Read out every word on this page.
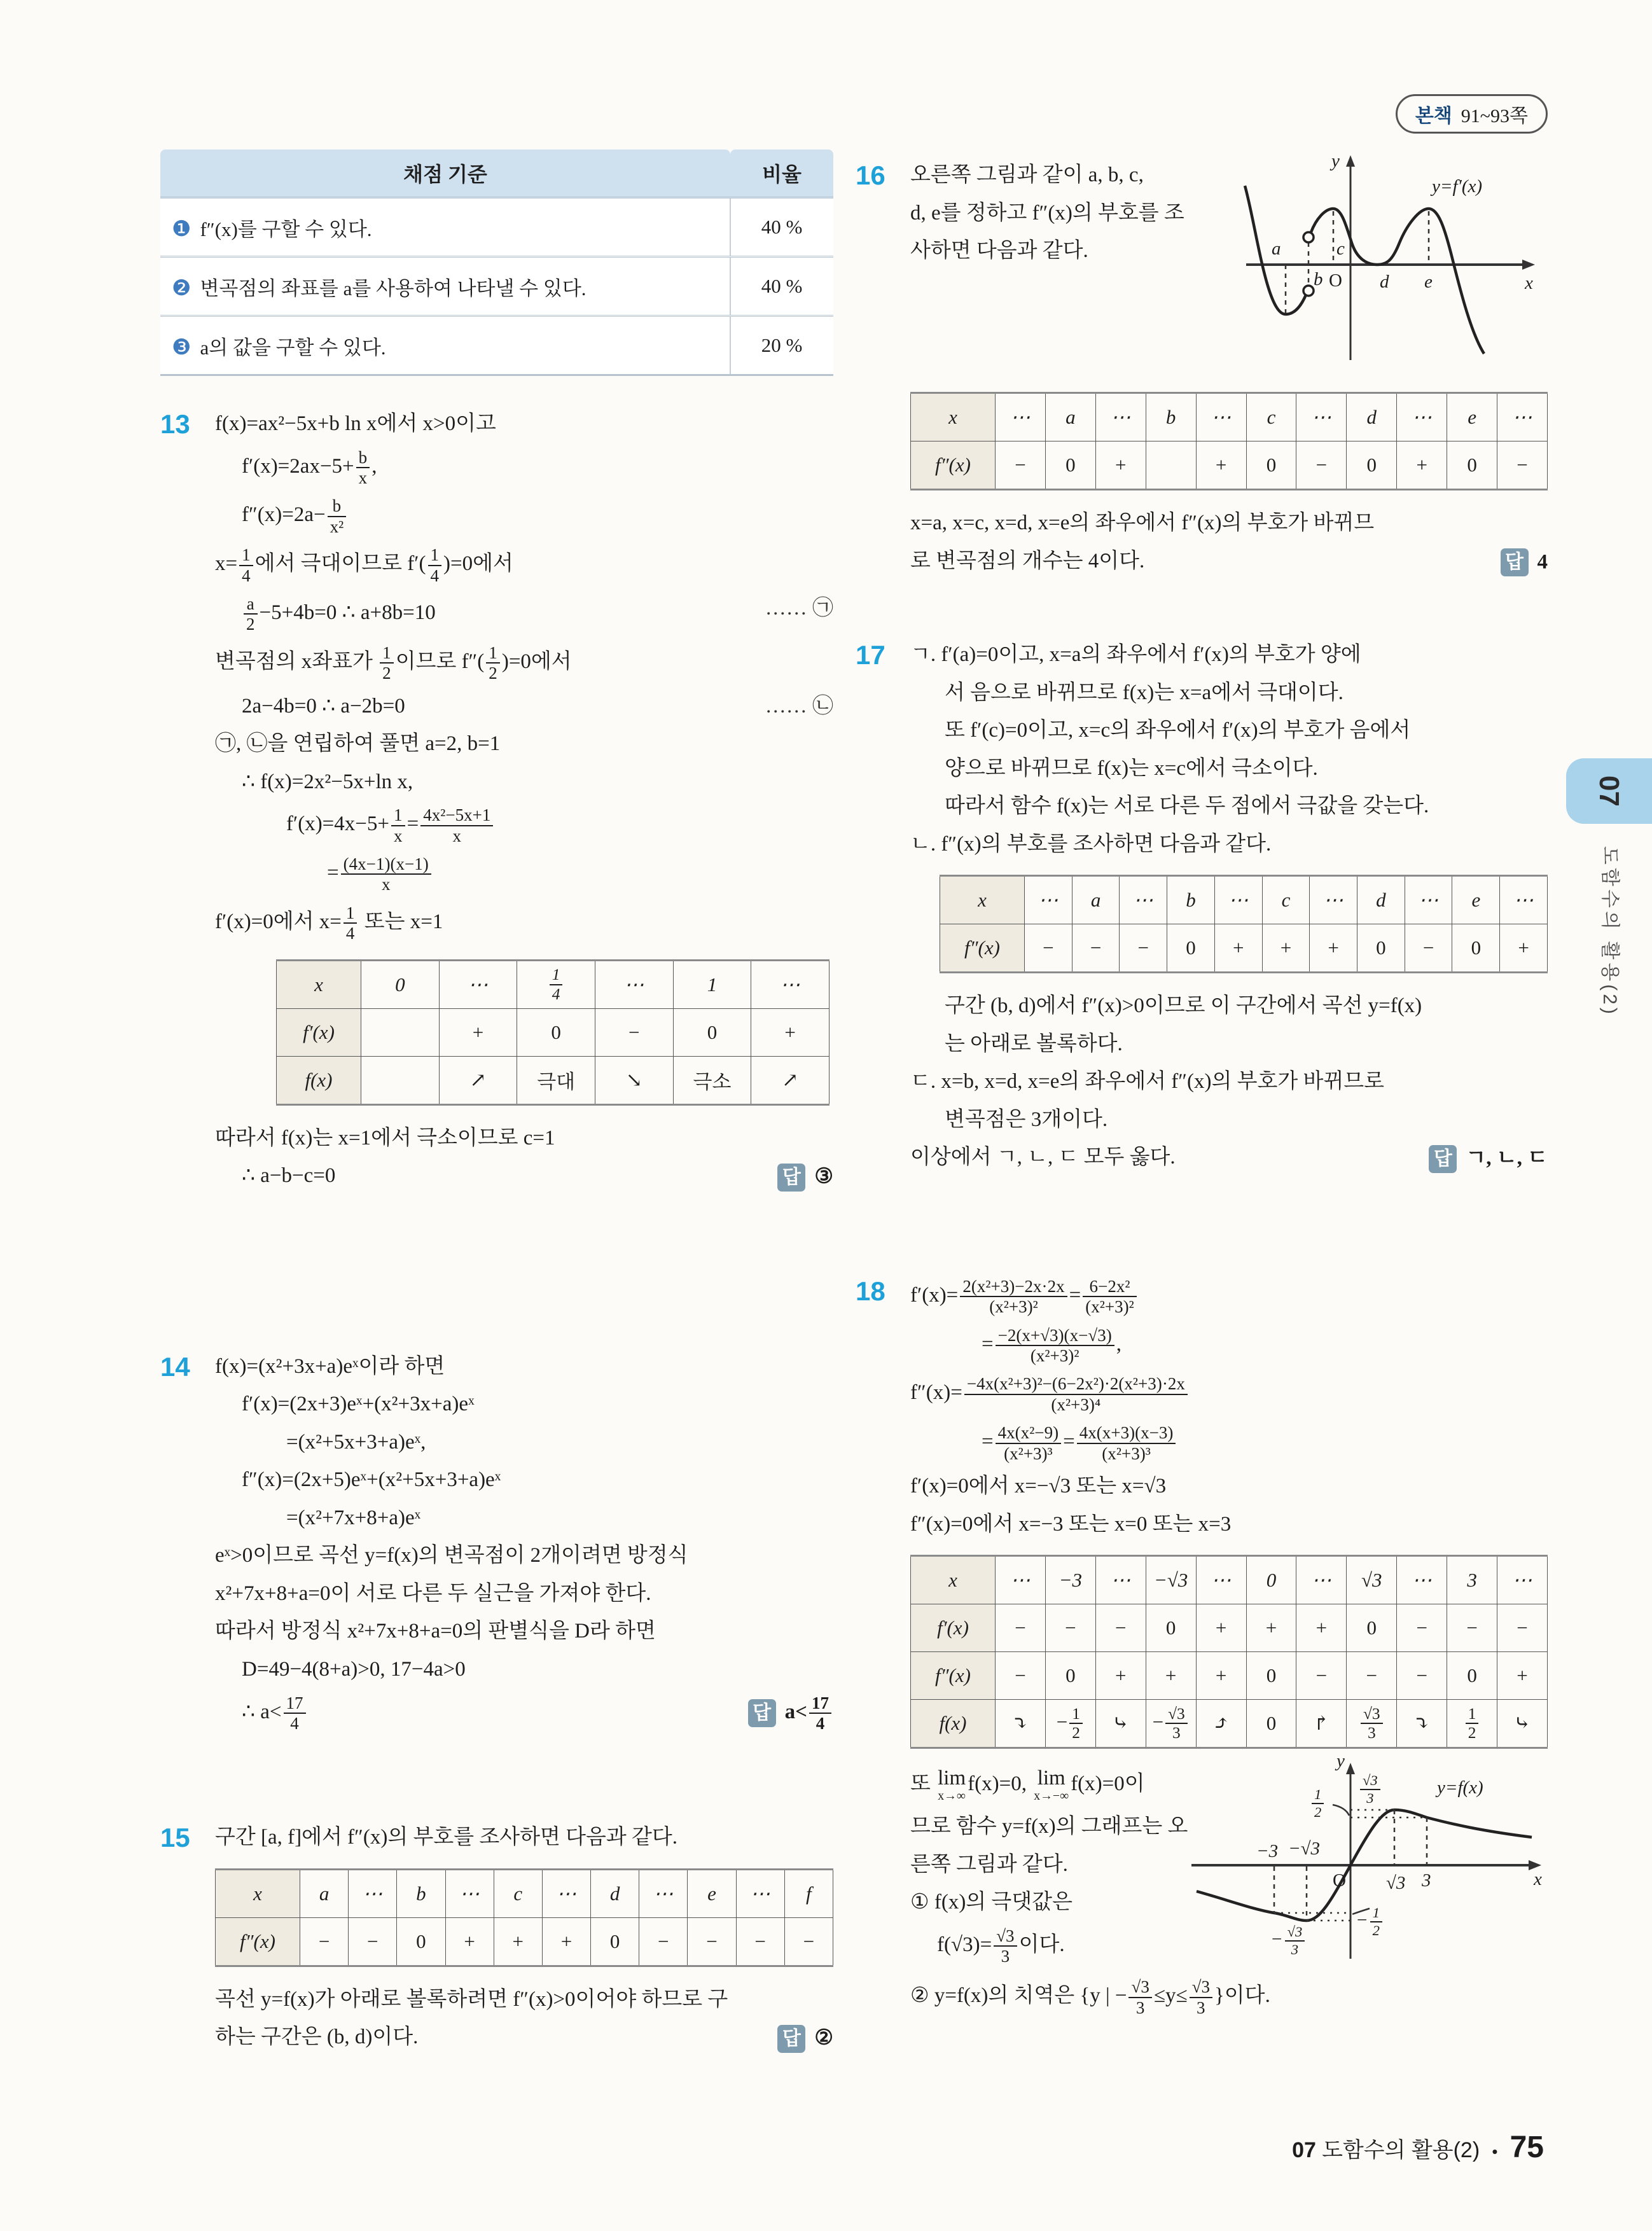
채점 기준	비율
❶ f″(x)를 구할 수 있다.	40 %
❷ 변곡점의 좌표를 a를 사용하여 나타낼 수 있다.	40 %
❸ a의 값을 구할 수 있다.	20 %
13 f(x)=ax²−5x+b ln x에서 x>0이고
$f'(x)=2ax-5+ \frac{b}{x}$ ,
$f''(x)=2a- \frac{b}{\text{x²}}$
$x= \frac{1}{4}$ 에서 극대이므로 $f'( \frac{1}{4} )=0$에서
$\frac{a}{2} -5+4b=0$ ∴ a+8b=10	…… ㉠
변곡점의 x좌표가 $\frac{1}{2}$ 이므로 $f''( \frac{1}{2} )=0$에서
2a−4b=0 ∴ a−2b=0	…… ㉡
㉠, ㉡을 연립하여 풀면 a=2, b=1
∴ f(x)=2x²−5x+ln x,
$f'(x)=4x-5+ \frac{1}{x} = \frac{\text{4x²−5x+1}}{x}$
= $\frac{(4x-1)(x-1)}{x}$
f′(x)=0에서 $x= \frac{1}{4}$ 또는 x=1
x	0	⋯	$\frac{1}{4}$	⋯	1	⋯
f′(x)		+	0	−	0	+
f(x)		↗	극대	↘	극소	↗
따라서 f(x)는 x=1에서 극소이므로 c=1
∴ a−b−c=0	답 ③
14 f(x)=(x²+3x+a)eˣ이라 하면
f′(x)=(2x+3)eˣ+(x²+3x+a)eˣ
=(x²+5x+3+a)eˣ,
f″(x)=(2x+5)eˣ+(x²+5x+3+a)eˣ
=(x²+7x+8+a)eˣ
eˣ>0이므로 곡선 y=f(x)의 변곡점이 2개이려면 방정식
x²+7x+8+a=0이 서로 다른 두 실근을 가져야 한다.
따라서 방정식 x²+7x+8+a=0의 판별식을 D라 하면
D=49−4(8+a)>0, 17−4a>0
∴ $a< \frac{17}{4}$	답 $a< \frac{17}{4}$
15 구간 [a, f]에서 f″(x)의 부호를 조사하면 다음과 같다.
x	a	⋯	b	⋯	c	⋯	d	⋯	e	⋯	f
f″(x)	−	−	0	+	+	+	0	−	−	−	−
곡선 y=f(x)가 아래로 볼록하려면 f″(x)>0이어야 하므로 구
하는 구간은 (b, d)이다.	답 ②
본책 91~93쪽
16 오른쪽 그림과 같이 a, b, c,
d, e를 정하고 f″(x)의 부호를 조
사하면 다음과 같다.
y
y=f′(x)
a
b
c
O d e	x
x	⋯	a	⋯	b	⋯	c	⋯	d	⋯	e	⋯
f″(x)	−	0	+		+	0	−	0	+	0	−
x=a, x=c, x=d, x=e의 좌우에서 f″(x)의 부호가 바뀌므
로 변곡점의 개수는 4이다.	답 4
17 ㄱ. f′(a)=0이고, x=a의 좌우에서 f′(x)의 부호가 양에
서 음으로 바뀌므로 f(x)는 x=a에서 극대이다.
또 f′(c)=0이고, x=c의 좌우에서 f′(x)의 부호가 음에서
양으로 바뀌므로 f(x)는 x=c에서 극소이다.
따라서 함수 f(x)는 서로 다른 두 점에서 극값을 갖는다.
ㄴ. f″(x)의 부호를 조사하면 다음과 같다.
x	⋯	a	⋯	b	⋯	c	⋯	d	⋯	e	⋯
f″(x)	−	−	−	0	+	+	+	0	−	0	+
구간 (b, d)에서 f″(x)>0이므로 이 구간에서 곡선 y=f(x)
는 아래로 볼록하다.
ㄷ. x=b, x=d, x=e의 좌우에서 f″(x)의 부호가 바뀌므로
변곡점은 3개이다.
이상에서 ㄱ, ㄴ, ㄷ 모두 옳다.	답 ㄱ, ㄴ, ㄷ
18 $f'(x)= \frac{\text{2(x²+3)−2x·2x}}{\text{(x²+3)²}} = \frac{\text{6−2x²}}{\text{(x²+3)²}}$
= $\frac{-2(x+√3)(x-√3)}{\text{(x²+3)²}}$ ,
$f''(x)= \frac{\text{−4x(x²+3)²−(6−2x²)·2(x²+3)·2x}}{\text{(x²+3)⁴}}$
= $\frac{\text{4x(x²−9)}}{\text{(x²+3)³}} = \frac{4x(x+3)(x-3)}{\text{(x²+3)³}}$
f′(x)=0에서 x=−√3 또는 x=√3
f″(x)=0에서 x=−3 또는 x=0 또는 x=3
x	⋯	−3	⋯	−√3	⋯	0	⋯	√3	⋯	3	⋯
f′(x)	−	−	−	0	+	+	+	0	−	−	−
f″(x)	−	0	+	+	+	0	−	−	−	0	+
f(x)	⤵	− $\frac{1}{2}$	⤷	− $\frac{√3}{3}$	⤴	0	↱	$\frac{√3}{3}$	⤵	$\frac{1}{2}$	⤷
또 lim
x→∞
f(x)=0, lim
x→−∞
f(x)=0이
므로 함수 y=f(x)의 그래프는 오
른쪽 그림과 같다.
① f(x)의 극댓값은
$f(√3)= \frac{√3}{3}$ 이다.
y
$\frac{√3}{3}$
$\frac{1}{2}$	y=f(x)
−3 −√3
O √3 3	x
− $\frac{√3}{3}$
− $\frac{1}{2}$
② y=f(x)의 치역은 {y | − $\frac{√3}{3} \le y\le \frac{√3}{3}$ }이다.
07
도함수의 활용(2)
07 도함수의 활용(2) • 75
